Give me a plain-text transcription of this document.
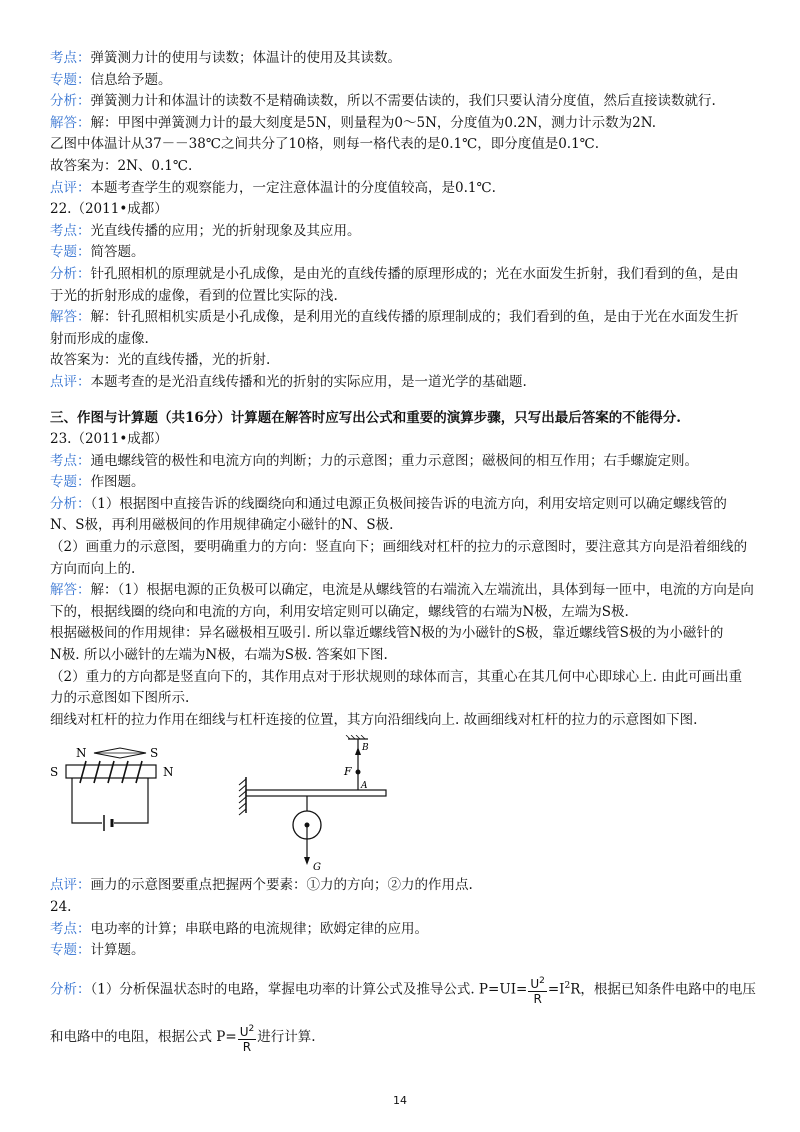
考点：弹簧测力计的使用与读数；体温计的使用及其读数。
专题：信息给予题。
分析：弹簧测力计和体温计的读数不是精确读数，所以不需要估读的，我们只要认清分度值，然后直接读数就行.
解答：解：甲图中弹簧测力计的最大刻度是5N，则量程为0～5N，分度值为0.2N，测力计示数为2N.
乙图中体温计从37－－38℃之间共分了10格，则每一格代表的是0.1℃，即分度值是0.1℃.
故答案为：2N、0.1℃.
点评：本题考查学生的观察能力，一定注意体温计的分度值较高，是0.1℃.
22.（2011•成都）
考点：光直线传播的应用；光的折射现象及其应用。
专题：简答题。
分析：针孔照相机的原理就是小孔成像，是由光的直线传播的原理形成的；光在水面发生折射，我们看到的鱼，是由
于光的折射形成的虚像，看到的位置比实际的浅.
解答：解：针孔照相机实质是小孔成像，是利用光的直线传播的原理制成的；我们看到的鱼，是由于光在水面发生折
射而形成的虚像.
故答案为：光的直线传播，光的折射.
点评：本题考查的是光沿直线传播和光的折射的实际应用，是一道光学的基础题.
三、作图与计算题（共16分）计算题在解答时应写出公式和重要的演算步骤，只写出最后答案的不能得分.
23.（2011•成都）
考点：通电螺线管的极性和电流方向的判断；力的示意图；重力示意图；磁极间的相互作用；右手螺旋定则。
专题：作图题。
分析：（1）根据图中直接告诉的线圈绕向和通过电源正负极间接告诉的电流方向，利用安培定则可以确定螺线管的
N、S极，再利用磁极间的作用规律确定小磁针的N、S极.
（2）画重力的示意图，要明确重力的方向：竖直向下；画细线对杠杆的拉力的示意图时，要注意其方向是沿着细线的
方向而向上的.
解答：解：（1）根据电源的正负极可以确定，电流是从螺线管的右端流入左端流出，具体到每一匝中，电流的方向是向
下的，根据线圈的绕向和电流的方向，利用安培定则可以确定，螺线管的右端为N极，左端为S极.
根据磁极间的作用规律：异名磁极相互吸引. 所以靠近螺线管N极的为小磁针的S极，靠近螺线管S极的为小磁针的
N极. 所以小磁针的左端为N极，右端为S极. 答案如下图.
（2）重力的方向都是竖直向下的，其作用点对于形状规则的球体而言，其重心在其几何中心即球心上. 由此可画出重
力的示意图如下图所示.
细线对杠杆的拉力作用在细线与杠杆连接的位置，其方向沿细线向上. 故画细线对杠杆的拉力的示意图如下图.
N	S
S	N
B
F
A
G
点评：画力的示意图要重点把握两个要素：①力的方向；②力的作用点.
24.
考点：电功率的计算；串联电路的电流规律；欧姆定律的应用。
专题：计算题。
分析：（1）分析保温状态时的电路，掌握电功率的计算公式及推导公式. $P=UI= \frac{U^2}{R} =I^2R$，根据已知条件电路中的电压
和电路中的电阻，根据公式 $P= \frac{U^2}{R}$ 进行计算.
14
